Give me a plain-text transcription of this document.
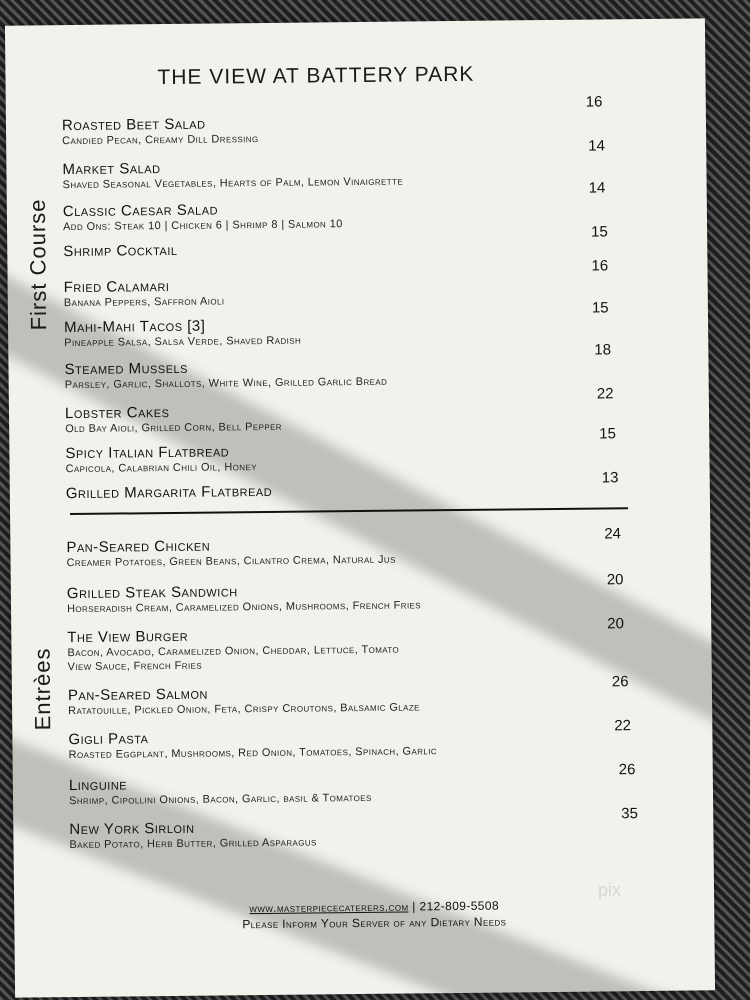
THE VIEW AT BATTERY PARK
First Course
Entrèes
Roasted Beet Salad
Candied Pecan, Creamy Dill Dressing
16
Market Salad
Shaved Seasonal Vegetables, Hearts of Palm, Lemon Vinaigrette
14
Classic Caesar Salad
Add Ons: Steak 10 | Chicken 6 | Shrimp 8 | Salmon 10
14
Shrimp Cocktail
15
Fried Calamari
Banana Peppers, Saffron Aioli
16
Mahi-Mahi Tacos [3]
Pineapple Salsa, Salsa Verde, Shaved Radish
15
Steamed Mussels
Parsley, Garlic, Shallots, White Wine, Grilled Garlic Bread
18
Lobster Cakes
Old Bay Aioli, Grilled Corn, Bell Pepper
22
Spicy Italian Flatbread
Capicola, Calabrian Chili Oil, Honey
15
Grilled Margarita Flatbread
13
Pan-Seared Chicken
Creamer Potatoes, Green Beans, Cilantro Crema, Natural Jus
24
Grilled Steak Sandwich
Horseradish Cream, Caramelized Onions, Mushrooms, French Fries
20
The View Burger
Bacon, Avocado, Caramelized Onion, Cheddar, Lettuce, Tomato
View Sauce, French Fries
20
Pan-Seared Salmon
Ratatouille, Pickled Onion, Feta, Crispy Croutons, Balsamic Glaze
26
Gigli Pasta
Roasted Eggplant, Mushrooms, Red Onion, Tomatoes, Spinach, Garlic
22
Linguine
Shrimp, Cipollini Onions, Bacon, Garlic, basil & Tomatoes
26
New York Sirloin
Baked Potato, Herb Butter, Grilled Asparagus
35
www.masterpiececaterers.com | 212-809-5508
Please Inform Your Server of any Dietary Needs
pix
